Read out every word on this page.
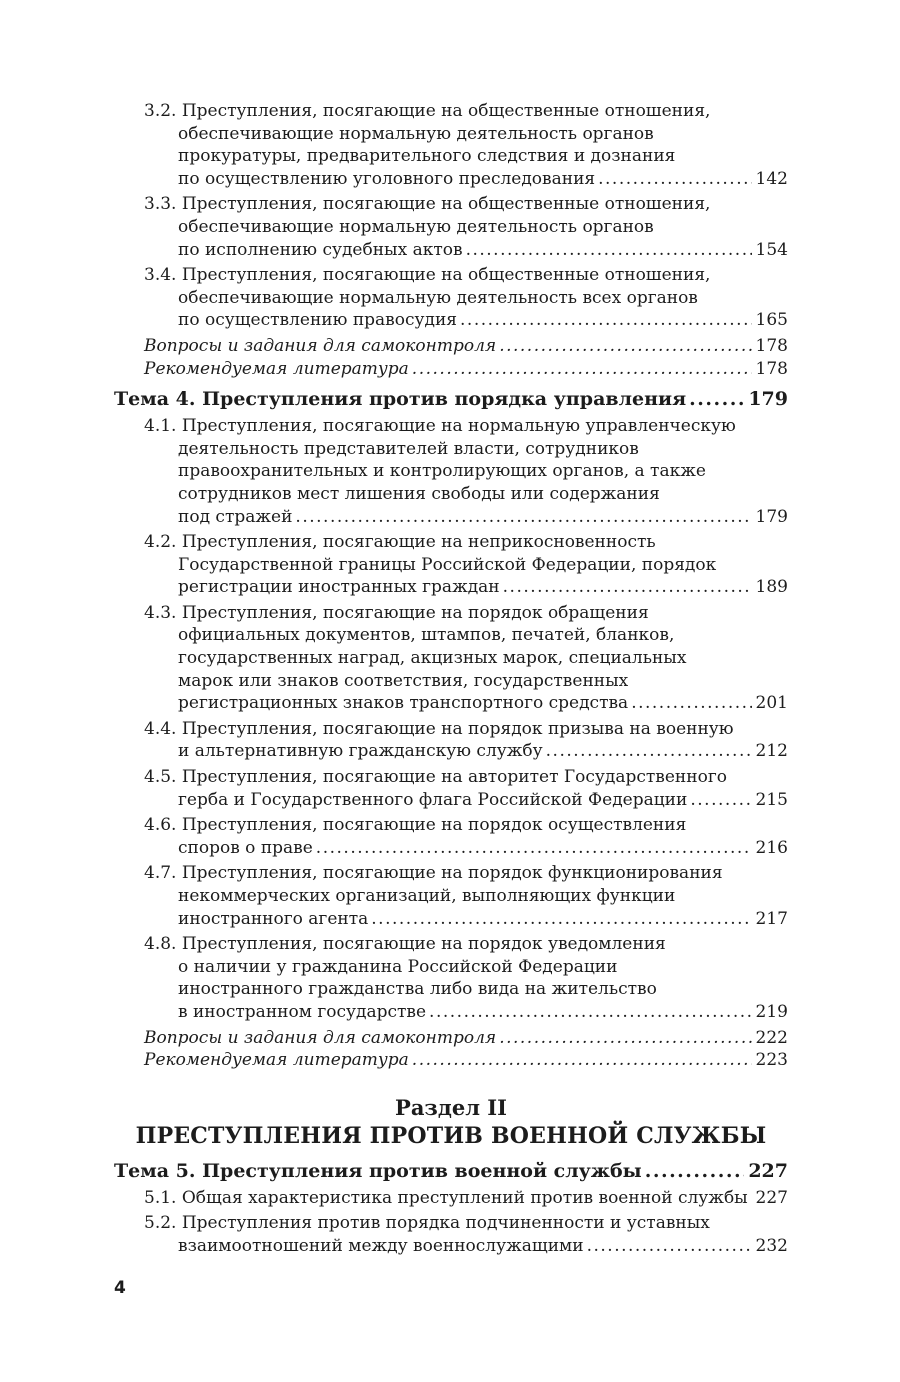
3.2. Преступления, посягающие на общественные отношения,
обеспечивающие нормальную деятельность органов
прокуратуры, предварительного следствия и дознания
по осуществлению уголовного преследования .....	142
3.3. Преступления, посягающие на общественные отношения,
обеспечивающие нормальную деятельность органов
по исполнению судебных актов .....	154
3.4. Преступления, посягающие на общественные отношения,
обеспечивающие нормальную деятельность всех органов
по осуществлению правосудия .....	165
Вопросы и задания для самоконтроля .....	178
Рекомендуемая литература .....	178
Тема 4. Преступления против порядка управления .....	179
4.1. Преступления, посягающие на нормальную управленческую
деятельность представителей власти, сотрудников
правоохранительных и контролирующих органов, а также
сотрудников мест лишения свободы или содержания
под стражей .....	179
4.2. Преступления, посягающие на неприкосновенность
Государственной границы Российской Федерации, порядок
регистрации иностранных граждан .....	189
4.3. Преступления, посягающие на порядок обращения
официальных документов, штампов, печатей, бланков,
государственных наград, акцизных марок, специальных
марок или знаков соответствия, государственных
регистрационных знаков транспортного средства .....	201
4.4. Преступления, посягающие на порядок призыва на военную
и альтернативную гражданскую службу .....	212
4.5. Преступления, посягающие на авторитет Государственного
герба и Государственного флага Российской Федерации .....	215
4.6. Преступления, посягающие на порядок осуществления
споров о праве .....	216
4.7. Преступления, посягающие на порядок функционирования
некоммерческих организаций, выполняющих функции
иностранного агента .....	217
4.8. Преступления, посягающие на порядок уведомления
о наличии у гражданина Российской Федерации
иностранного гражданства либо вида на жительство
в иностранном государстве .....	219
Вопросы и задания для самоконтроля .....	222
Рекомендуемая литература .....	223
Раздел II
ПРЕСТУПЛЕНИЯ ПРОТИВ ВОЕННОЙ СЛУЖБЫ
Тема 5. Преступления против военной службы .....	227
5.1. Общая характеристика преступлений против военной службы ..... 227
5.2. Преступления против порядка подчиненности и уставных
взаимоотношений между военнослужащими .....	232
4
